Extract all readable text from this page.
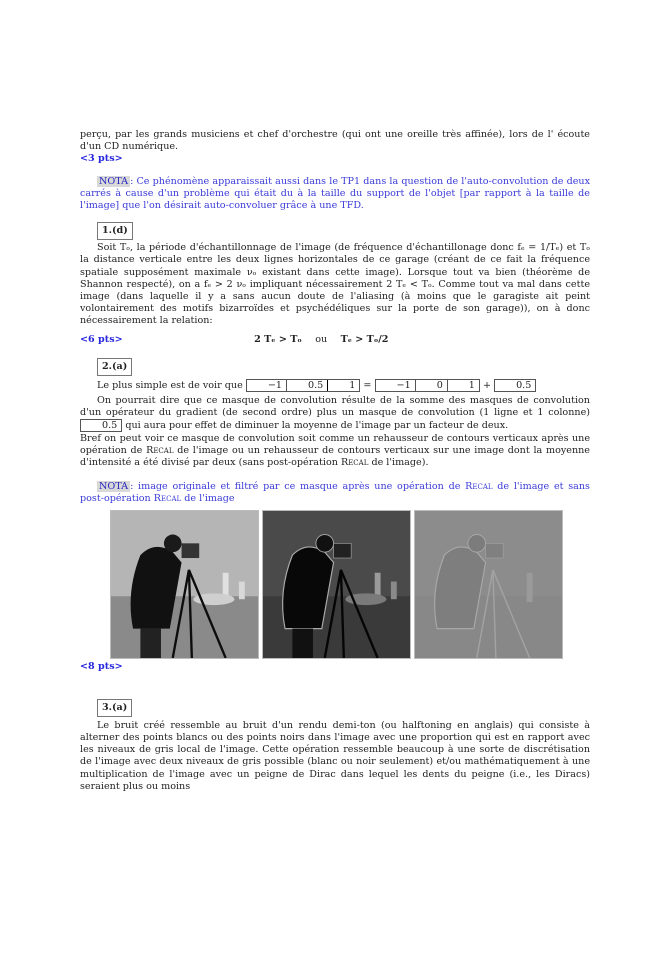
perçu, par les grands musiciens et chef d'orchestre (qui ont une oreille très affinée), lors de l' écoute d'un CD numérique.

<3 pts>

NOTA : Ce phénomène apparaissait aussi dans le TP1 dans la question de l'auto-convolution de deux carrés à cause d'un problème qui était du à la taille du support de l'objet [par rapport à la taille de l'image] que l'on désirait auto-convoluer grâce à une TFD.

1.(d)

Soit Tₒ, la période d'échantillonnage de l'image (de fréquence d'échantillonage donc fₑ = 1/Tₑ) et Tₒ la distance verticale entre les deux lignes horizontales de ce garage (créant de ce fait la fréquence spatiale supposément maximale νₒ existant dans cette image). Lorsque tout va bien (théorème de Shannon respecté), on a fₑ > 2 νₒ impliquant nécessairement 2 Tₑ < Tₒ. Comme tout va mal dans cette image (dans laquelle il y a sans aucun doute de l'aliasing (à moins que le garagiste ait peint volontairement des motifs bizarroïdes et psychédéliques sur la porte de son garage)), on à donc nécessairement la relation:

<6 pts>	2 Tₑ > Tₒ ou Tₑ > Tₒ/2
2.(a)

Le plus simple est de voir que	−1	0.5	1 =	−1	0	1 +	0.5

On pourrait dire que ce masque de convolution résulte de la somme des masques de convolution d'un opérateur du gradient (de second ordre) plus un masque de convolution (1 ligne et 1 colonne)
0.5 qui aura pour effet de diminuer la moyenne de l'image par un facteur de deux.

Bref on peut voir ce masque de convolution soit comme un rehausseur de contours verticaux après une opération de Recal de l'image ou un rehausseur de contours verticaux sur une image dont la moyenne d'intensité a été divisé par deux (sans post-opération Recal de l'image).

NOTA : image originale et filtré par ce masque après une opération de Recal de l'image et sans post-opération Recal de l'image

<8 pts>
3.(a)

Le bruit créé ressemble au bruit d'un rendu demi-ton (ou halftoning en anglais) qui consiste à alterner des points blancs ou des points noirs dans l'image avec une proportion qui est en rapport avec les niveaux de gris local de l'image. Cette opération ressemble beaucoup à une sorte de discrétisation de l'image avec deux niveaux de gris possible (blanc ou noir seulement) et/ou mathématiquement à une multiplication de l'image avec un peigne de Dirac dans lequel les dents du peigne (i.e., les Diracs) seraient plus ou moins
